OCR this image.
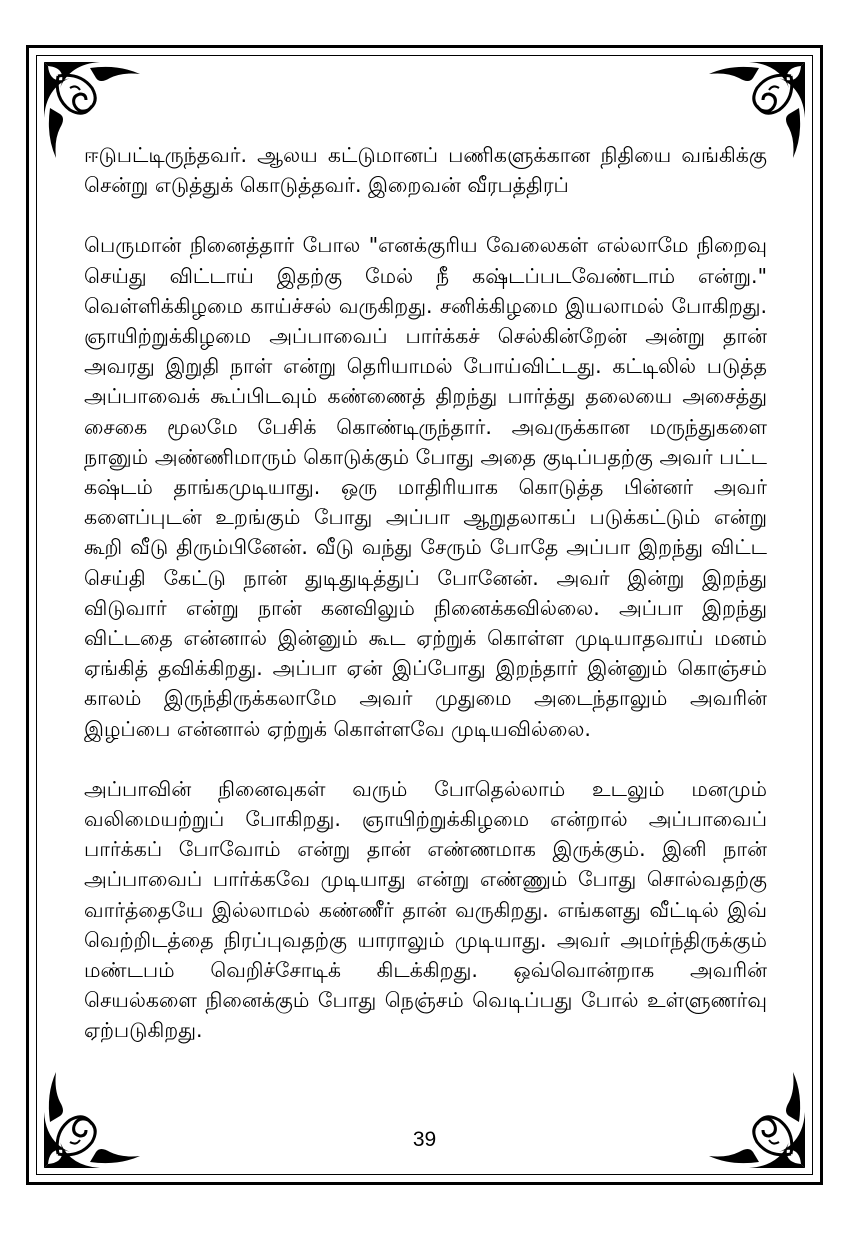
ஈடுபட்டிருந்தவர். ஆலய கட்டுமானப் பணிகளுக்கான நிதியை வங்கிக்கு சென்று எடுத்துக் கொடுத்தவர். இறைவன் வீரபத்திரப்

பெருமான் நினைத்தார் போல "எனக்குரிய வேலைகள் எல்லாமே நிறைவு செய்து விட்டாய் இதற்கு மேல் நீ கஷ்டப்படவேண்டாம் என்று." வெள்ளிக்கிழமை காய்ச்சல் வருகிறது. சனிக்கிழமை இயலாமல் போகிறது. ஞாயிற்றுக்கிழமை அப்பாவைப் பார்க்கச் செல்கின்றேன் அன்று தான் அவரது இறுதி நாள் என்று தெரியாமல் போய்விட்டது. கட்டிலில் படுத்த அப்பாவைக் கூப்பிடவும் கண்ணைத் திறந்து பார்த்து தலையை அசைத்து சைகை மூலமே பேசிக் கொண்டிருந்தார். அவருக்கான மருந்துகளை நானும் அண்ணிமாரும் கொடுக்கும் போது அதை குடிப்பதற்கு அவர் பட்ட கஷ்டம் தாங்கமுடியாது. ஒரு மாதிரியாக கொடுத்த பின்னர் அவர் களைப்புடன் உறங்கும் போது அப்பா ஆறுதலாகப் படுக்கட்டும் என்று கூறி வீடு திரும்பினேன். வீடு வந்து சேரும் போதே அப்பா இறந்து விட்ட செய்தி கேட்டு நான் துடிதுடித்துப் போனேன். அவர் இன்று இறந்து விடுவார் என்று நான் கனவிலும் நினைக்கவில்லை. அப்பா இறந்து விட்டதை என்னால் இன்னும் கூட ஏற்றுக் கொள்ள முடியாதவாய் மனம் ஏங்கித் தவிக்கிறது. அப்பா ஏன் இப்போது இறந்தார் இன்னும் கொஞ்சம் காலம் இருந்திருக்கலாமே அவர் முதுமை அடைந்தாலும் அவரின் இழப்பை என்னால் ஏற்றுக் கொள்ளவே முடியவில்லை.

அப்பாவின் நினைவுகள் வரும் போதெல்லாம் உடலும் மனமும் வலிமையற்றுப் போகிறது. ஞாயிற்றுக்கிழமை என்றால் அப்பாவைப் பார்க்கப் போவோம் என்று தான் எண்ணமாக இருக்கும். இனி நான் அப்பாவைப் பார்க்கவே முடியாது என்று எண்ணும் போது சொல்வதற்கு வார்த்தையே இல்லாமல் கண்ணீர் தான் வருகிறது. எங்களது வீட்டில் இவ் வெற்றிடத்தை நிரப்புவதற்கு யாராலும் முடியாது. அவர் அமர்ந்திருக்கும் மண்டபம் வெறிச்சோடிக் கிடக்கிறது. ஒவ்வொன்றாக அவரின் செயல்களை நினைக்கும் போது நெஞ்சம் வெடிப்பது போல் உள்ளுணர்வு ஏற்படுகிறது.

39
